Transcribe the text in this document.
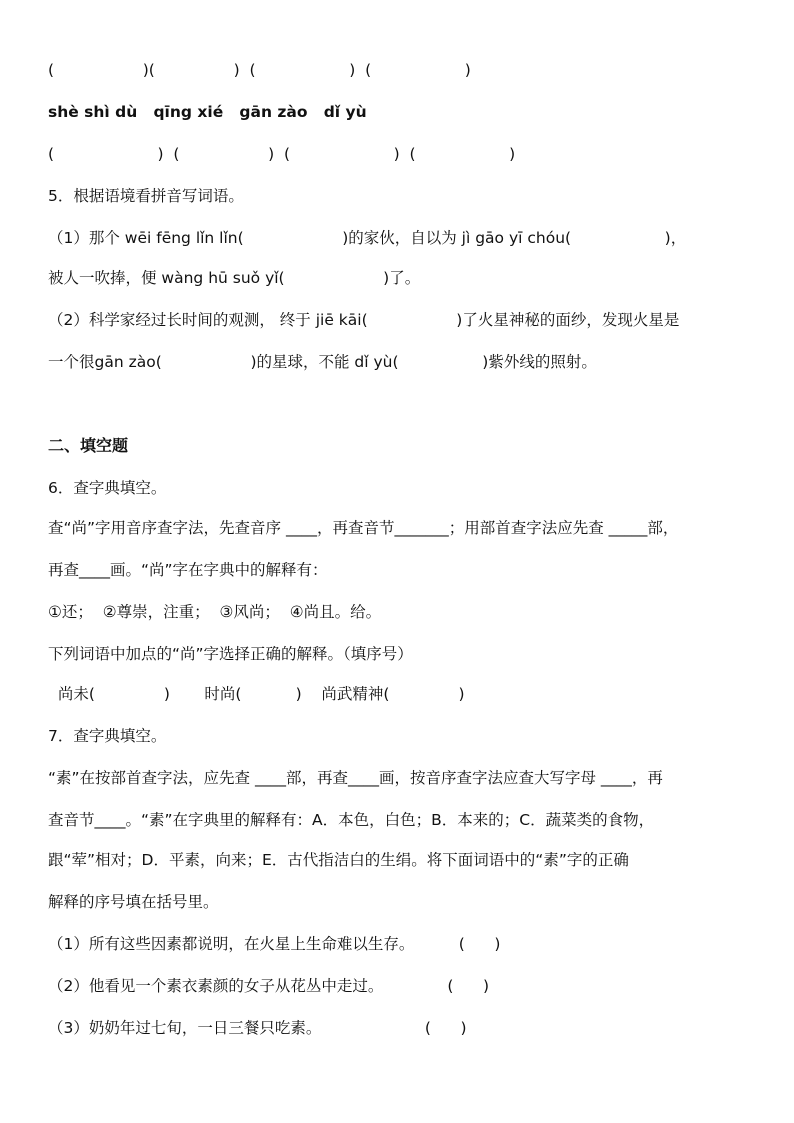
(                  )(                )  (                   )  (                   )
shè shì dù   qīng xié   gān zào   dǐ yù
(                     )  (                  )  (                     )  (                   )
5．根据语境看拼音写词语。
（1）那个 wēi fēng lǐn lǐn(                    )的家伙，自以为 jì gāo yī chóu(                   )，
被人一吹捧，便 wàng hū suǒ yǐ(                    )了。
（2）科学家经过长时间的观测， 终于 jiē kāi(                  )了火星神秘的面纱，发现火星是
一个很gān zào(                  )的星球，不能 dǐ yù(                 )紫外线的照射。
二、填空题
6．查字典填空。
查“尚”字用音序查字法，先查音序 ____，再查音节_______；用部首查字法应先查 _____部，
再查____画。“尚”字在字典中的解释有：
①还；  ②尊崇，注重；  ③风尚；  ④尚且。给。
下列词语中加点的“尚”字选择正确的解释。（填序号）
尚未(              )       时尚(           )    尚武精神(              )
7．查字典填空。
“素”在按部首查字法，应先查 ____部，再查____画，按音序查字法应查大写字母 ____，再
查音节____。“素”在字典里的解释有：A．本色，白色；B．本来的；C．蔬菜类的食物，
跟“荤”相对；D．平素，向来；E．古代指洁白的生绢。将下面词语中的“素”字的正确
解释的序号填在括号里。
（1）所有这些因素都说明，在火星上生命难以生存。         (      )
（2）他看见一个素衣素颜的女子从花丛中走过。             (      )
（3）奶奶年过七旬，一日三餐只吃素。                     (      )
